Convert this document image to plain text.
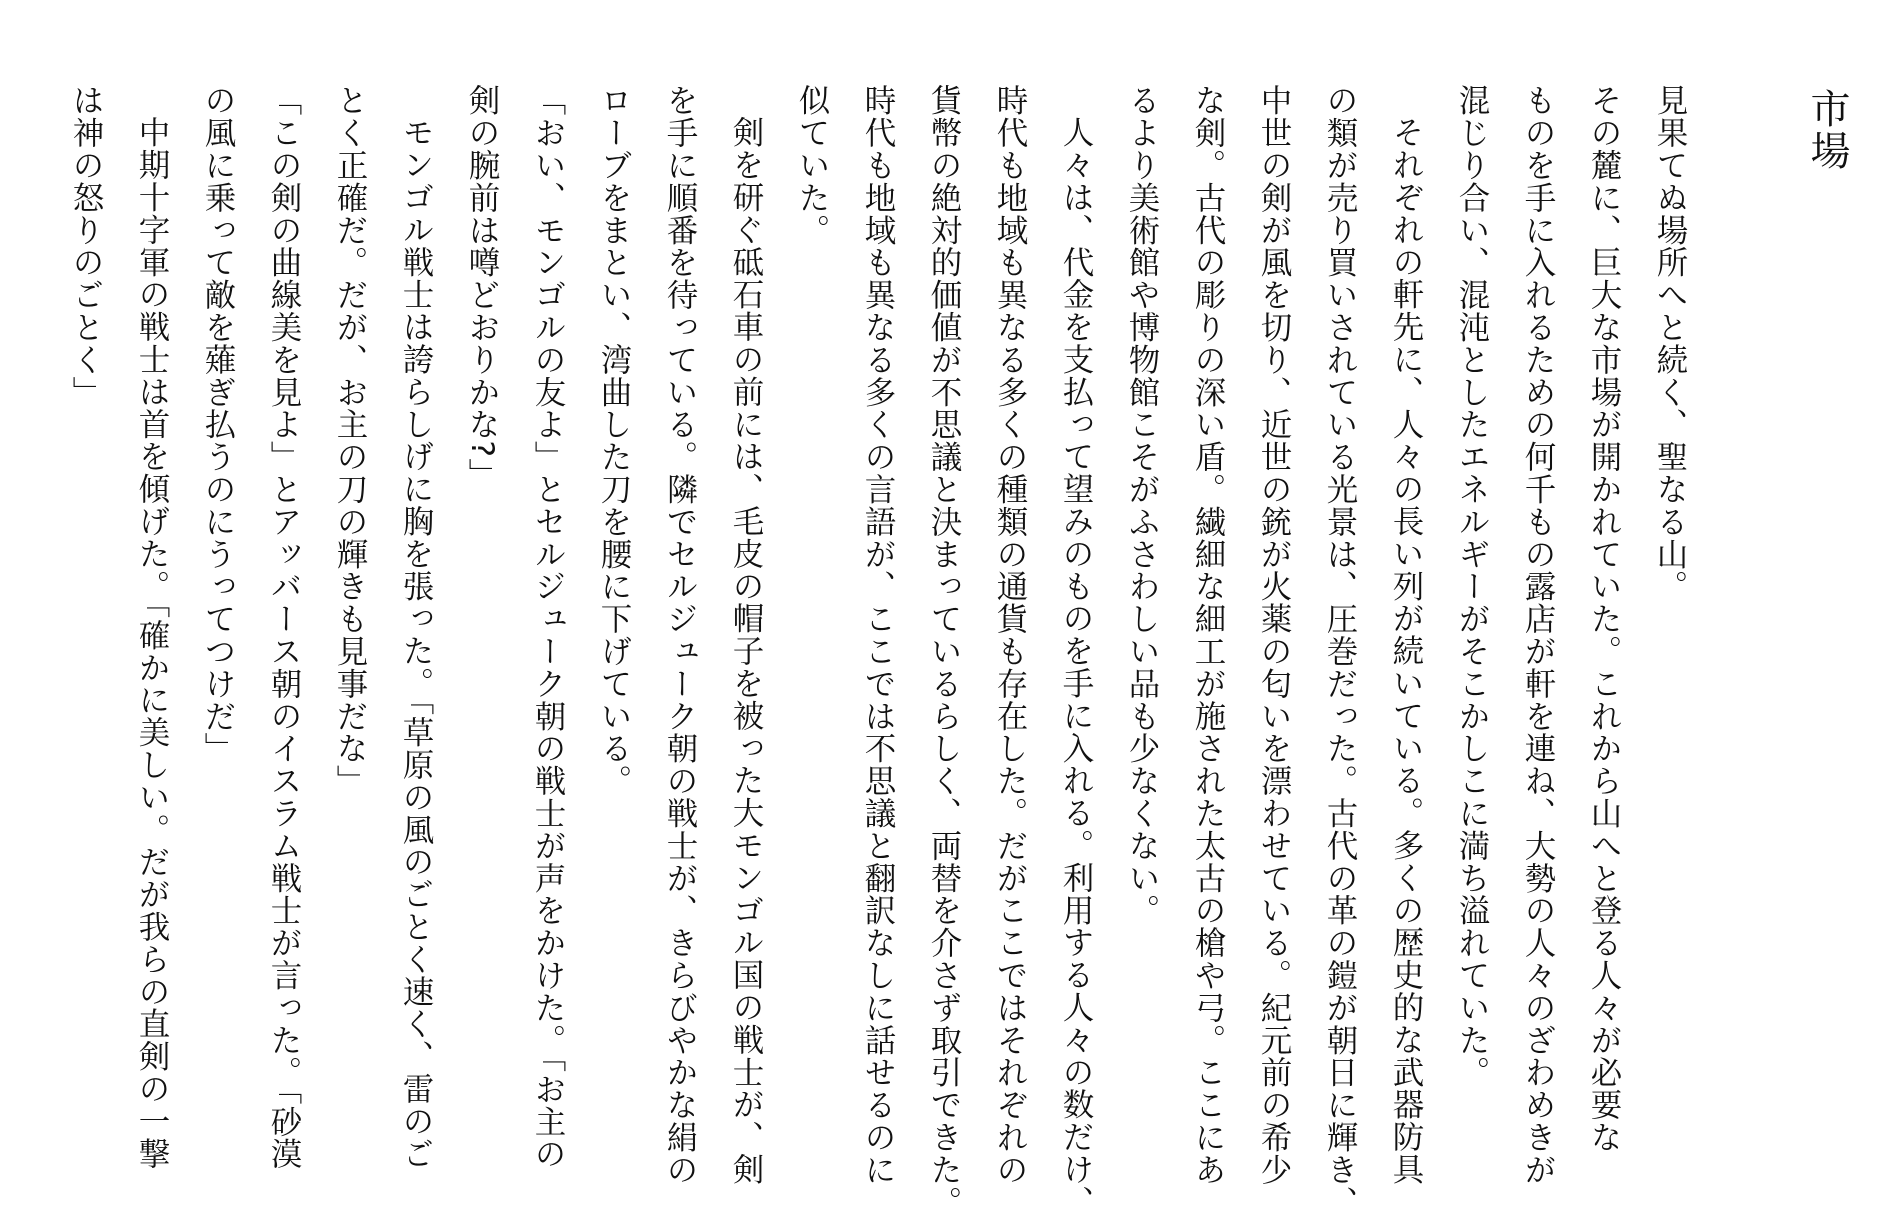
市場
見果てぬ場所へと続く、聖なる山。
その麓に、巨大な市場が開かれていた。これから山へと登る人々が必要な
ものを手に入れるための何千もの露店が軒を連ね、大勢の人々のざわめきが
混じり合い、混沌としたエネルギーがそこかしこに満ち溢れていた。
それぞれの軒先に、人々の長い列が続いている。多くの歴史的な武器防具
の類が売り買いされている光景は、圧巻だった。古代の革の鎧が朝日に輝き、
中世の剣が風を切り、近世の銃が火薬の匂いを漂わせている。紀元前の希少
な剣。古代の彫りの深い盾。繊細な細工が施された太古の槍や弓。ここにあ
るより美術館や博物館こそがふさわしい品も少なくない。
人々は、代金を支払って望みのものを手に入れる。利用する人々の数だけ、
時代も地域も異なる多くの種類の通貨も存在した。だがここではそれぞれの
貨幣の絶対的価値が不思議と決まっているらしく、両替を介さず取引できた。
時代も地域も異なる多くの言語が、ここでは不思議と翻訳なしに話せるのに
似ていた。
剣を研ぐ砥石車の前には、毛皮の帽子を被った大モンゴル国の戦士が、剣
を手に順番を待っている。隣でセルジューク朝の戦士が、きらびやかな絹の
ローブをまとい、湾曲した刀を腰に下げている。
「おい、モンゴルの友よ」とセルジューク朝の戦士が声をかけた。「お主の
剣の腕前は噂どおりかな?」
モンゴル戦士は誇らしげに胸を張った。「草原の風のごとく速く、雷のご
とく正確だ。だが、お主の刀の輝きも見事だな」
「この剣の曲線美を見よ」とアッバース朝のイスラム戦士が言った。「砂漠
の風に乗って敵を薙ぎ払うのにうってつけだ」
中期十字軍の戦士は首を傾げた。「確かに美しい。だが我らの直剣の一撃
は神の怒りのごとく」
